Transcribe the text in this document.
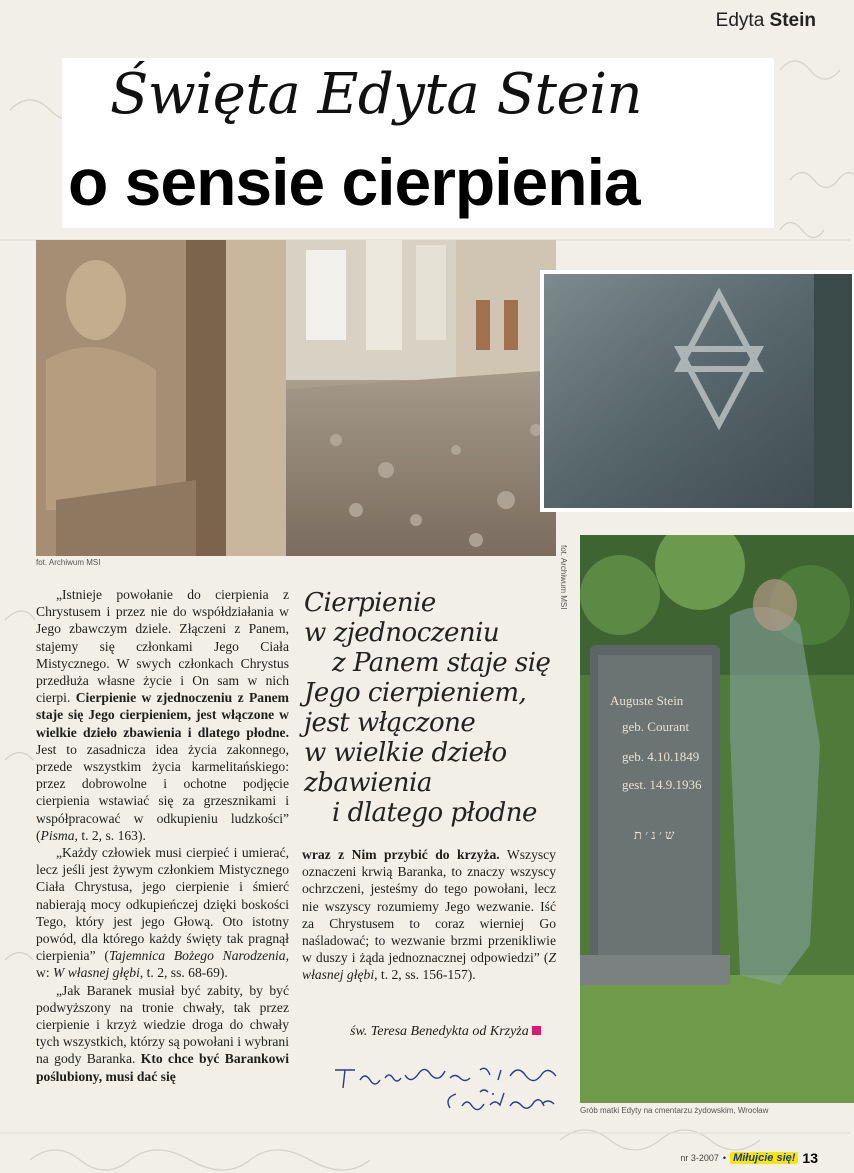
Edyta Stein
Święta Edyta Stein
o sensie cierpienia
fot. Archiwum MSI
Auguste Stein
geb. Courant
geb. 4.10.1849
gest. 14.9.1936
ש ׳ נ ׳ ת
fot. Archiwum MSI
Grób matki Edyty na cmentarzu żydowskim, Wrocław

„Istnieje powołanie do cierpienia z Chrystusem i przez nie do współdziałania w Jego zbawczym dziele. Złączeni z Panem, stajemy się członkami Jego Ciała Mistycznego. W swych członkach Chrystus przedłuża własne życie i On sam w nich cierpi. Cierpienie w zjednoczeniu z Panem staje się Jego cierpieniem, jest włączone w wielkie dzieło zbawienia i dlatego płodne. Jest to zasadnicza idea życia zakonnego, przede wszystkim życia karmelitańskiego: przez dobrowolne i ochotne podjęcie cierpienia wstawiać się za grzesznikami i współpracować w odkupieniu ludzkości” (Pisma, t. 2, s. 163).

„Każdy człowiek musi cierpieć i umierać, lecz jeśli jest żywym członkiem Mistycznego Ciała Chrystusa, jego cierpienie i śmierć nabierają mocy odkupieńczej dzięki boskości Tego, który jest jego Głową. Oto istotny powód, dla którego każdy święty tak pragnął cierpienia” (Tajemnica Bożego Narodzenia, w: W własnej głębi, t. 2, ss. 68-69).

„Jak Baranek musiał być zabity, by być podwyższony na tronie chwały, tak przez cierpienie i krzyż wiedzie droga do chwały tych wszystkich, którzy są powołani i wybrani na gody Baranka. Kto chce być Barankowi poślubiony, musi dać się

Cierpienie
w zjednoczeniu
z Panem staje się
Jego cierpieniem,
jest włączone
w wielkie dzieło
zbawienia
i dlatego płodne

wraz z Nim przybić do krzyża. Wszyscy oznaczeni krwią Baranka, to znaczy wszyscy ochrzczeni, jesteśmy do tego powołani, lecz nie wszyscy rozumiemy Jego wezwanie. Iść za Chrystusem to coraz wierniej Go naśladować; to wezwanie brzmi przenikliwie w duszy i żąda jednoznacznej odpowiedzi” (Z własnej głębi, t. 2, ss. 156-157).

św. Teresa Benedykta od Krzyża
nr 3-2007 • Miłujcie się! 13
